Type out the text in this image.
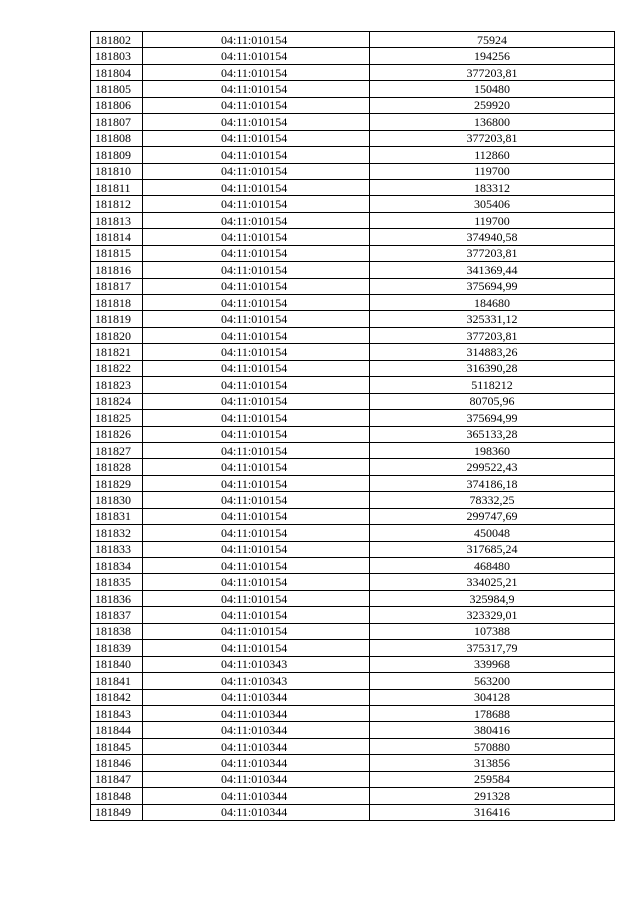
181802	04:11:010154	75924
181803	04:11:010154	194256
181804	04:11:010154	377203,81
181805	04:11:010154	150480
181806	04:11:010154	259920
181807	04:11:010154	136800
181808	04:11:010154	377203,81
181809	04:11:010154	112860
181810	04:11:010154	119700
181811	04:11:010154	183312
181812	04:11:010154	305406
181813	04:11:010154	119700
181814	04:11:010154	374940,58
181815	04:11:010154	377203,81
181816	04:11:010154	341369,44
181817	04:11:010154	375694,99
181818	04:11:010154	184680
181819	04:11:010154	325331,12
181820	04:11:010154	377203,81
181821	04:11:010154	314883,26
181822	04:11:010154	316390,28
181823	04:11:010154	5118212
181824	04:11:010154	80705,96
181825	04:11:010154	375694,99
181826	04:11:010154	365133,28
181827	04:11:010154	198360
181828	04:11:010154	299522,43
181829	04:11:010154	374186,18
181830	04:11:010154	78332,25
181831	04:11:010154	299747,69
181832	04:11:010154	450048
181833	04:11:010154	317685,24
181834	04:11:010154	468480
181835	04:11:010154	334025,21
181836	04:11:010154	325984,9
181837	04:11:010154	323329,01
181838	04:11:010154	107388
181839	04:11:010154	375317,79
181840	04:11:010343	339968
181841	04:11:010343	563200
181842	04:11:010344	304128
181843	04:11:010344	178688
181844	04:11:010344	380416
181845	04:11:010344	570880
181846	04:11:010344	313856
181847	04:11:010344	259584
181848	04:11:010344	291328
181849	04:11:010344	316416
